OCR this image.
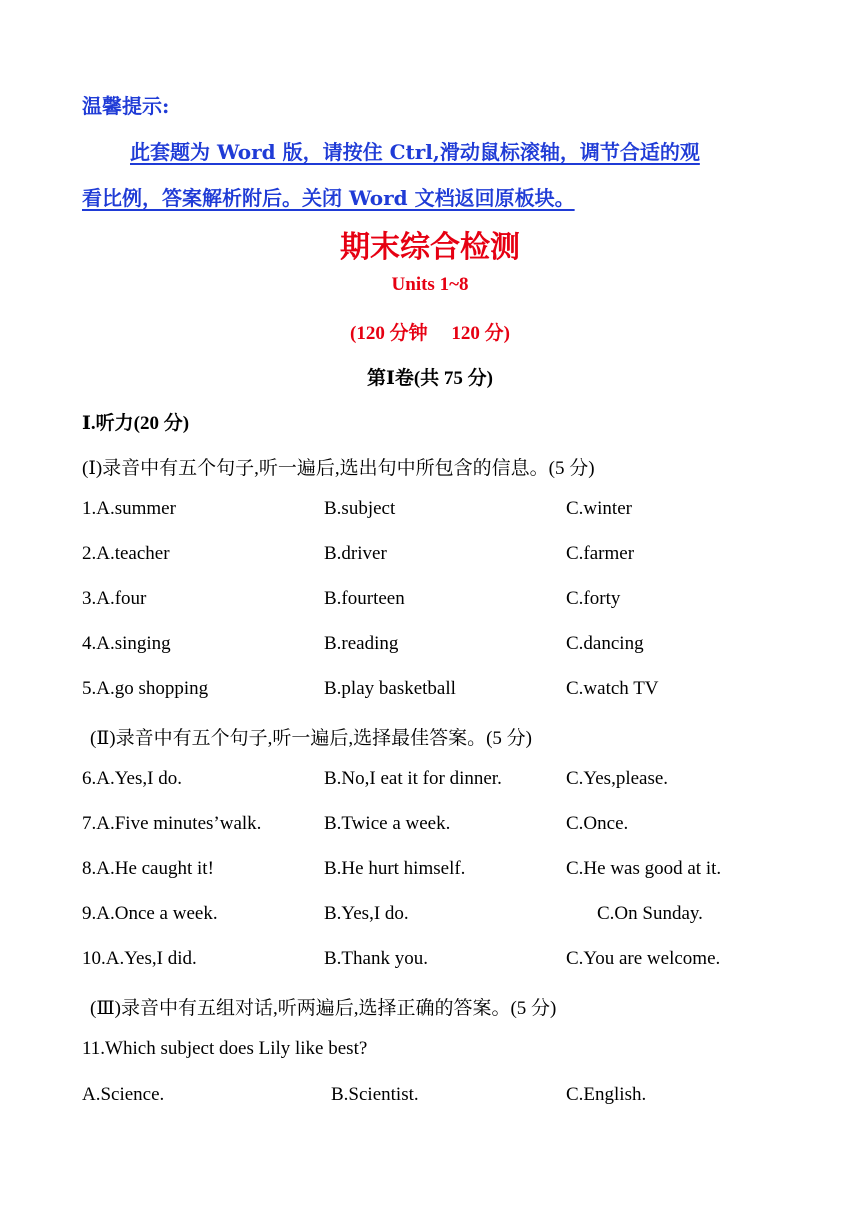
温馨提示:
此套题为 Word 版，请按住 Ctrl,滑动鼠标滚轴，调节合适的观
看比例，答案解析附后。关闭 Word 文档返回原板块。
期末综合检测
Units 1~8
(120 分钟     120 分)
第Ⅰ卷(共 75 分)
Ⅰ.听力(20 分)
(Ⅰ)录音中有五个句子,听一遍后,选出句中所包含的信息。(5 分)
1.A.summer	B.subject	C.winter
2.A.teacher	B.driver	C.farmer
3.A.four	B.fourteen	C.forty
4.A.singing	B.reading	C.dancing
5.A.go shopping	B.play basketball	C.watch TV
(Ⅱ)录音中有五个句子,听一遍后,选择最佳答案。(5 分)
6.A.Yes,I do.	B.No,I eat it for dinner.	C.Yes,please.
7.A.Five minutes’walk.	B.Twice a week.	C.Once.
8.A.He caught it!	B.He hurt himself.	C.He was good at it.
9.A.Once a week.	B.Yes,I do.	C.On Sunday.
10.A.Yes,I did.	B.Thank you.	C.You are welcome.
(Ⅲ)录音中有五组对话,听两遍后,选择正确的答案。(5 分)
11.Which subject does Lily like best?
A.Science.	B.Scientist.	C.English.
